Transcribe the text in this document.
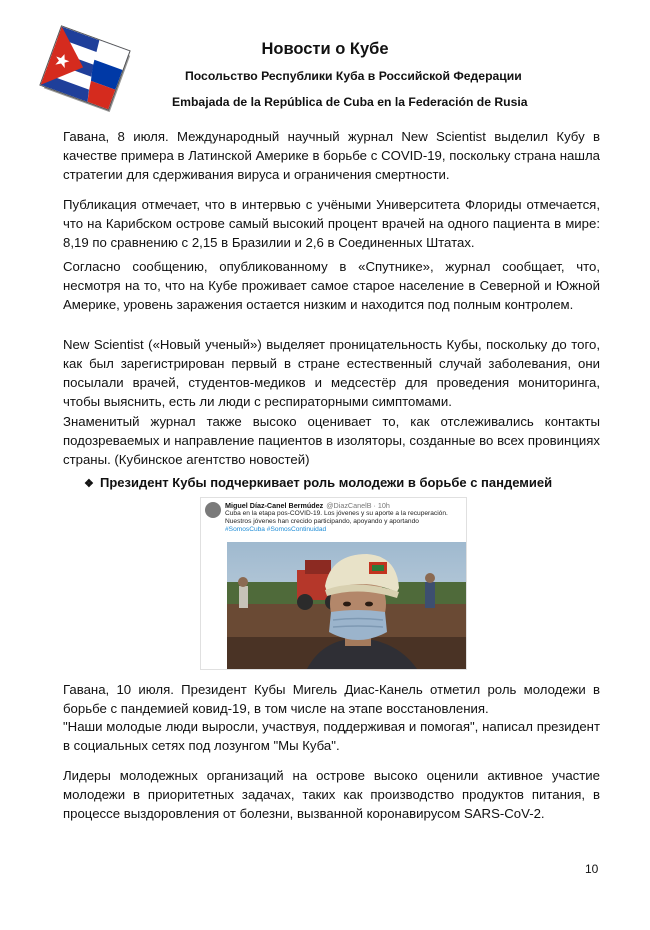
Новости о Кубе
Посольство Республики Куба в Российской Федерации
Embajada de la República de Cuba en la Federación de Rusia

Гавана, 8 июля. Международный научный журнал New Scientist выделил Кубу в качестве примера в Латинской Америке в борьбе с COVID-19, поскольку страна нашла стратегии для сдерживания вируса и ограничения смертности.

Публикация отмечает, что в интервью с учёными Университета Флориды отмечается, что на Карибском острове самый высокий процент врачей на одного пациента в мире: 8,19 по сравнению с 2,15 в Бразилии и 2,6 в Соединенных Штатах.

Согласно сообщению, опубликованному в «Спутнике», журнал сообщает, что, несмотря на то, что на Кубе проживает самое старое население в Северной и Южной Америке, уровень заражения остается низким и находится под полным контролем.

New Scientist («Новый ученый») выделяет проницательность Кубы, поскольку до того, как был зарегистрирован первый в стране естественный случай заболевания, они посылали врачей, студентов-медиков и медсестёр для проведения мониторинга, чтобы выяснить, есть ли люди с респираторными симптомами.

Знаменитый журнал также высоко оценивает то, как отслеживались контакты подозреваемых и направление пациентов в изоляторы, созданные во всех провинциях страны. (Кубинское агентство новостей)

❖ Президент Кубы подчеркивает роль молодежи в борьбе с пандемией
Miguel Díaz-Canel Bermúdez @DiazCanelB · 10h
Cuba en la etapa pos-COVID-19. Los jóvenes y su aporte a la recuperación. Nuestros jóvenes han crecido participando, apoyando y aportando
#SomosCuba #SomosContinuidad

Гавана, 10 июля. Президент Кубы Мигель Диас-Канель отметил роль молодежи в борьбе с пандемией ковид-19, в том числе на этапе восстановления.

"Наши молодые люди выросли, участвуя, поддерживая и помогая", написал президент в социальных сетях под лозунгом "Мы Куба".

Лидеры молодежных организаций на острове высоко оценили активное участие молодежи в приоритетных задачах, таких как производство продуктов питания, в процессе выздоровления от болезни, вызванной коронавирусом SARS-CoV-2.

10
